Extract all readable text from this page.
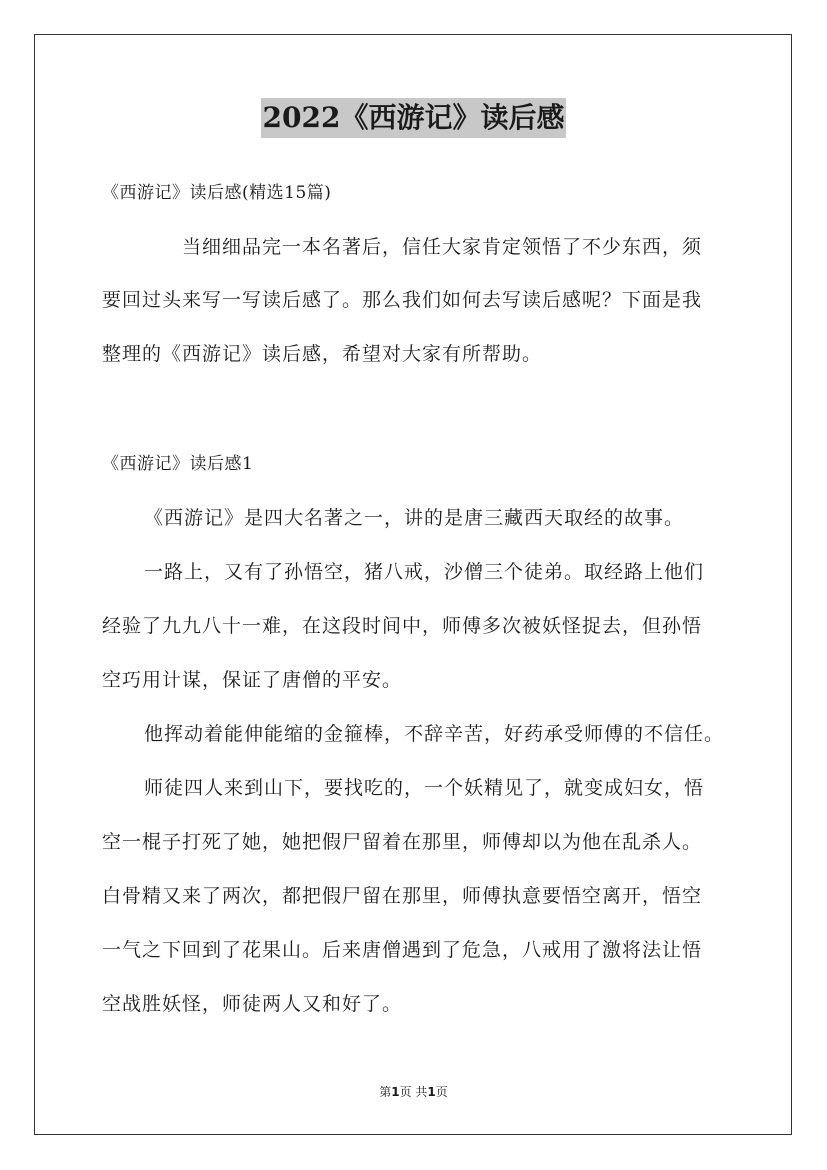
2022《西游记》读后感
《西游记》读后感(精选15篇)
当细细品完一本名著后，信任大家肯定领悟了不少东西，须
要回过头来写一写读后感了。那么我们如何去写读后感呢？下面是我
整理的《西游记》读后感，希望对大家有所帮助。
《西游记》读后感1
《西游记》是四大名著之一，讲的是唐三藏西天取经的故事。
一路上，又有了孙悟空，猪八戒，沙僧三个徒弟。取经路上他们
经验了九九八十一难，在这段时间中，师傅多次被妖怪捉去，但孙悟
空巧用计谋，保证了唐僧的平安。
他挥动着能伸能缩的金箍棒，不辞辛苦，好药承受师傅的不信任。
师徒四人来到山下，要找吃的，一个妖精见了，就变成妇女，悟
空一棍子打死了她，她把假尸留着在那里，师傅却以为他在乱杀人。
白骨精又来了两次，都把假尸留在那里，师傅执意要悟空离开，悟空
一气之下回到了花果山。后来唐僧遇到了危急，八戒用了激将法让悟
空战胜妖怪，师徒两人又和好了。
第1页 共1页
